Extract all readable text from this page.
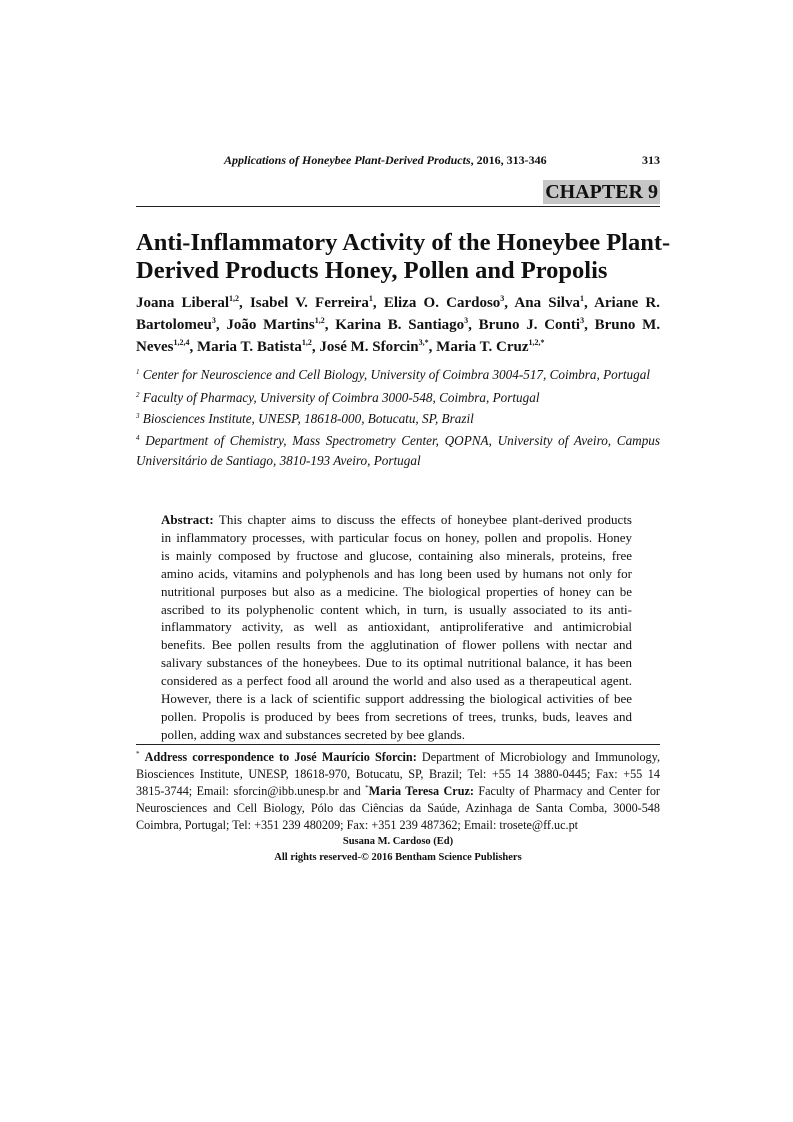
Applications of Honeybee Plant-Derived Products, 2016, 313-346	313
CHAPTER 9
Anti-Inflammatory Activity of the Honeybee Plant-
Derived Products Honey, Pollen and Propolis
* Address correspondence to José Maurício Sforcin: Department of Microbiology and Immunology,
Biosciences Institute, UNESP, 18618-970, Botucatu, SP, Brazil; Tel: +55 14 3880-0445; Fax: +55 14
3815-3744; Email: sforcin@ibb.unesp.br and *Maria Teresa Cruz: Faculty of Pharmacy and Center for
Neurosciences and Cell Biology, Pólo das Ciências da Saúde, Azinhaga de Santa Comba, 3000-548
Coimbra, Portugal; Tel: +351 239 480209; Fax: +351 239 487362; Email: trosete@ff.uc.pt
Susana M. Cardoso (Ed)
All rights reserved-© 2016 Bentham Science Publishers
Joana Liberal$^{1,2}$, Isabel V. Ferreira$^1$, Eliza O. Cardoso$^3$, Ana Silva$^1$, Ariane R.
Bartolomeu$^3$, João Martins$^{1,2}$, Karina B. Santiago$^3$, Bruno J. Conti$^3$, Bruno M.
Neves$^{1,2,4}$, Maria T. Batista$^{1,2}$, José M. Sforcin$^{3,*}$, Maria T. Cruz$^{1,2,*}$
$^1$ Center for Neuroscience and Cell Biology, University of Coimbra 3004-517, Coimbra, Portugal
$^2$ Faculty of Pharmacy, University of Coimbra 3000-548, Coimbra, Portugal
$^3$ Biosciences Institute, UNESP, 18618-000, Botucatu, SP, Brazil
$^4$ Department of Chemistry, Mass Spectrometry Center, QOPNA, University of Aveiro, Campus
Universitário de Santiago, 3810-193 Aveiro, Portugal
Abstract: This chapter aims to discuss the effects of honeybee plant-derived products
in inflammatory processes, with particular focus on honey, pollen and propolis. Honey
is mainly composed by fructose and glucose, containing also minerals, proteins, free
amino acids, vitamins and polyphenols and has long been used by humans not only for
nutritional purposes but also as a medicine. The biological properties of honey can be
ascribed to its polyphenolic content which, in turn, is usually associated to its anti-
inflammatory activity, as well as antioxidant, antiproliferative and antimicrobial
benefits. Bee pollen results from the agglutination of flower pollens with nectar and
salivary substances of the honeybees. Due to its optimal nutritional balance, it has been
considered as a perfect food all around the world and also used as a therapeutical agent.
However, there is a lack of scientific support addressing the biological activities of bee
pollen. Propolis is produced by bees from secretions of trees, trunks, buds, leaves and
pollen, adding wax and substances secreted by bee glands.
